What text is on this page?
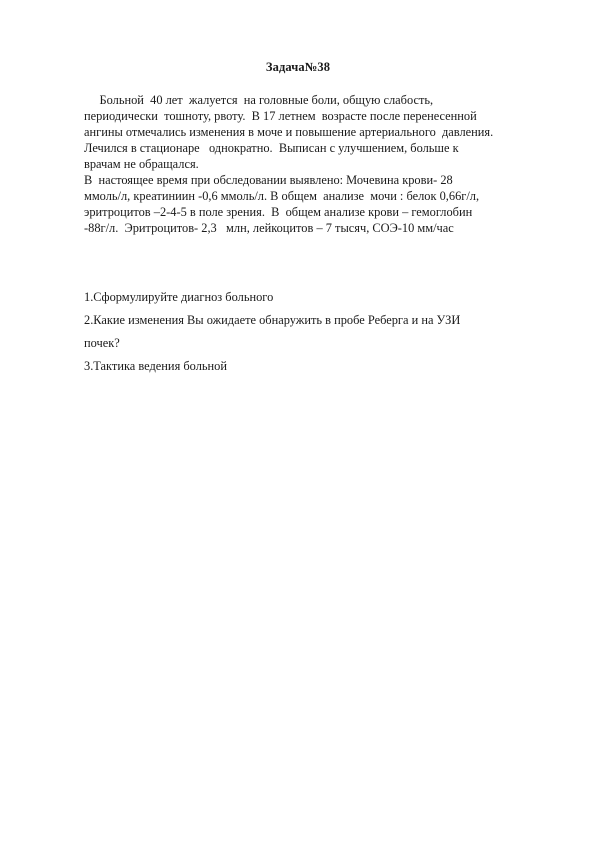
Задача№38
Больной  40 лет  жалуется  на головные боли, общую слабость,
периодически  тошноту, рвоту.  В 17 летнем  возрасте после перенесенной
ангины отмечались изменения в моче и повышение артериального  давления.
Лечился в стационаре   однократно.  Выписан с улучшением, больше к
врачам не обращался.
В  настоящее время при обследовании выявлено: Мочевина крови- 28
ммоль/л, креатиниин -0,6 ммоль/л. В общем  анализе  мочи : белок 0,66г/л,
эритроцитов –2-4-5 в поле зрения.  В  общем анализе крови – гемоглобин
-88г/л.  Эритроцитов- 2,3   млн, лейкоцитов – 7 тысяч, СОЭ-10 мм/час
1.Сформулируйте диагноз больного
2.Какие изменения Вы ожидаете обнаружить в пробе Реберга и на УЗИ
почек?
3.Тактика ведения больной
